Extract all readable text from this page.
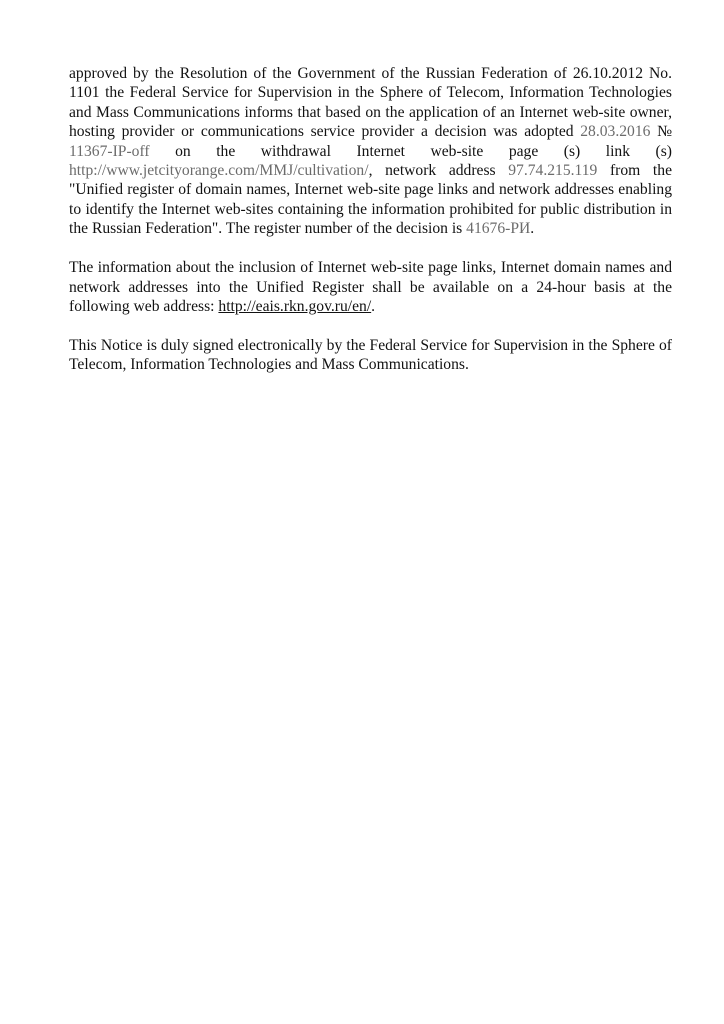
approved by the Resolution of the Government of the Russian Federation of 26.10.2012 No. 1101 the Federal Service for Supervision in the Sphere of Telecom, Information Technologies and Mass Communications informs that based on the application of an Internet web-site owner, hosting provider or communications service provider a decision was adopted 28.03.2016 № 11367-IP-off on the withdrawal Internet web-site page (s) link (s) http://www.jetcityorange.com/MMJ/cultivation/, network address 97.74.215.119 from the "Unified register of domain names, Internet web-site page links and network addresses enabling to identify the Internet web-sites containing the information prohibited for public distribution in the Russian Federation". The register number of the decision is 41676-РИ.

The information about the inclusion of Internet web-site page links, Internet domain names and network addresses into the Unified Register shall be available on a 24-hour basis at the following web address: http://eais.rkn.gov.ru/en/.

This Notice is duly signed electronically by the Federal Service for Supervision in the Sphere of Telecom, Information Technologies and Mass Communications.
